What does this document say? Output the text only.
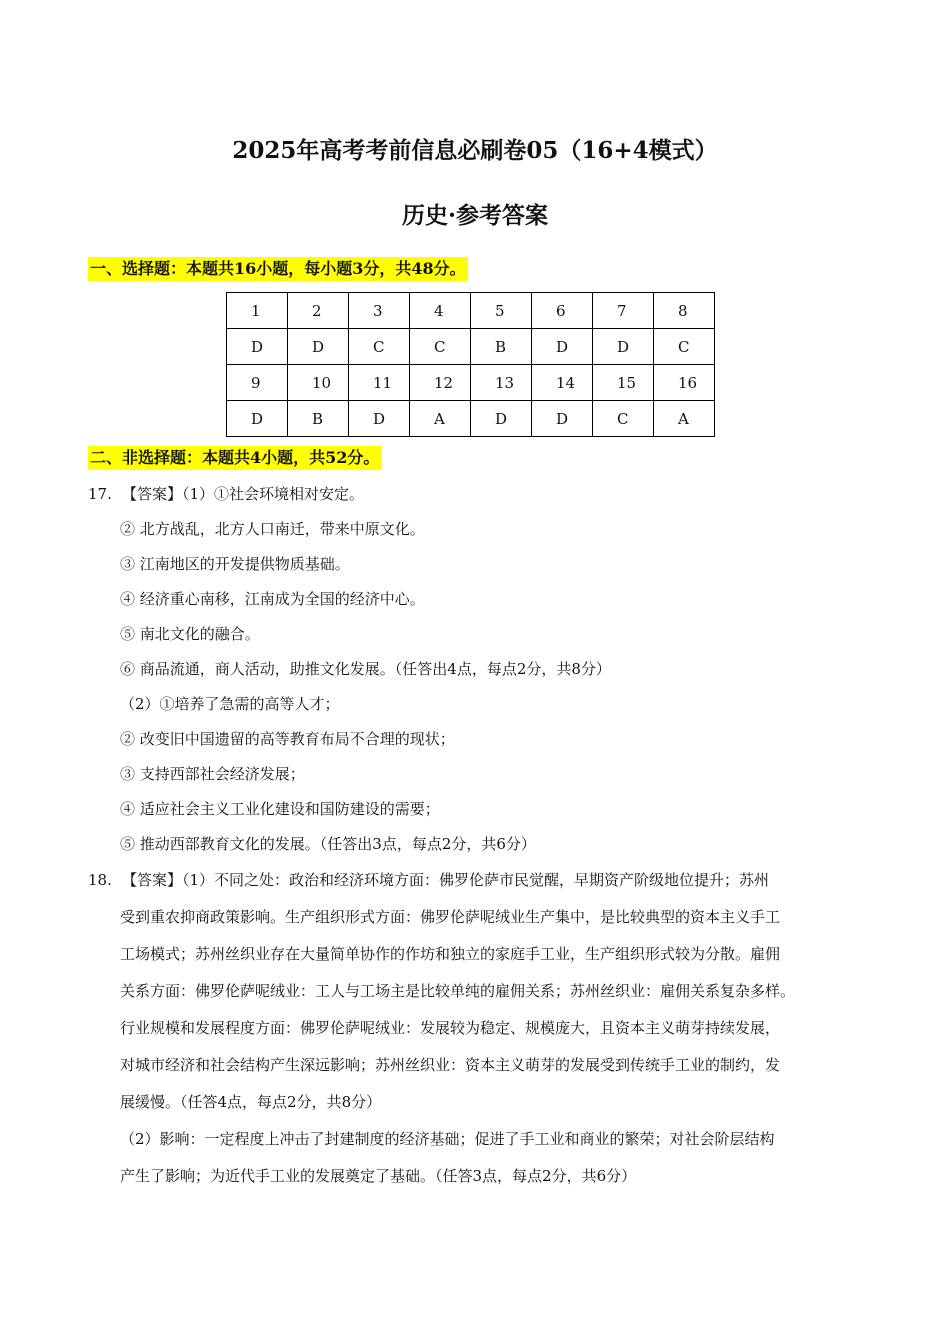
2025年高考考前信息必刷卷05（16+4模式）
历史·参考答案
一、选择题：本题共16小题，每小题3分，共48分。
1	2	3	4	5	6	7	8
D	D	C	C	B	D	D	C
9	10	11	12	13	14	15	16
D	B	D	A	D	D	C	A
二、非选择题：本题共4小题，共52分。
17. 【答案】（1）①社会环境相对安定。
② 北方战乱，北方人口南迁，带来中原文化。
③ 江南地区的开发提供物质基础。
④ 经济重心南移，江南成为全国的经济中心。
⑤ 南北文化的融合。
⑥ 商品流通，商人活动，助推文化发展。（任答出4点，每点2分，共8分）
（2）①培养了急需的高等人才；
② 改变旧中国遗留的高等教育布局不合理的现状；
③ 支持西部社会经济发展；
④ 适应社会主义工业化建设和国防建设的需要；
⑤ 推动西部教育文化的发展。（任答出3点，每点2分，共6分）
18. 【答案】（1）不同之处：政治和经济环境方面：佛罗伦萨市民觉醒，早期资产阶级地位提升；苏州
受到重农抑商政策影响。生产组织形式方面：佛罗伦萨呢绒业生产集中，是比较典型的资本主义手工
工场模式；苏州丝织业存在大量简单协作的作坊和独立的家庭手工业，生产组织形式较为分散。雇佣
关系方面：佛罗伦萨呢绒业：工人与工场主是比较单纯的雇佣关系；苏州丝织业：雇佣关系复杂多样。
行业规模和发展程度方面：佛罗伦萨呢绒业：发展较为稳定、规模庞大，且资本主义萌芽持续发展，
对城市经济和社会结构产生深远影响；苏州丝织业：资本主义萌芽的发展受到传统手工业的制约，发
展缓慢。（任答4点，每点2分，共8分）
（2）影响：一定程度上冲击了封建制度的经济基础；促进了手工业和商业的繁荣；对社会阶层结构
产生了影响；为近代手工业的发展奠定了基础。（任答3点，每点2分，共6分）
